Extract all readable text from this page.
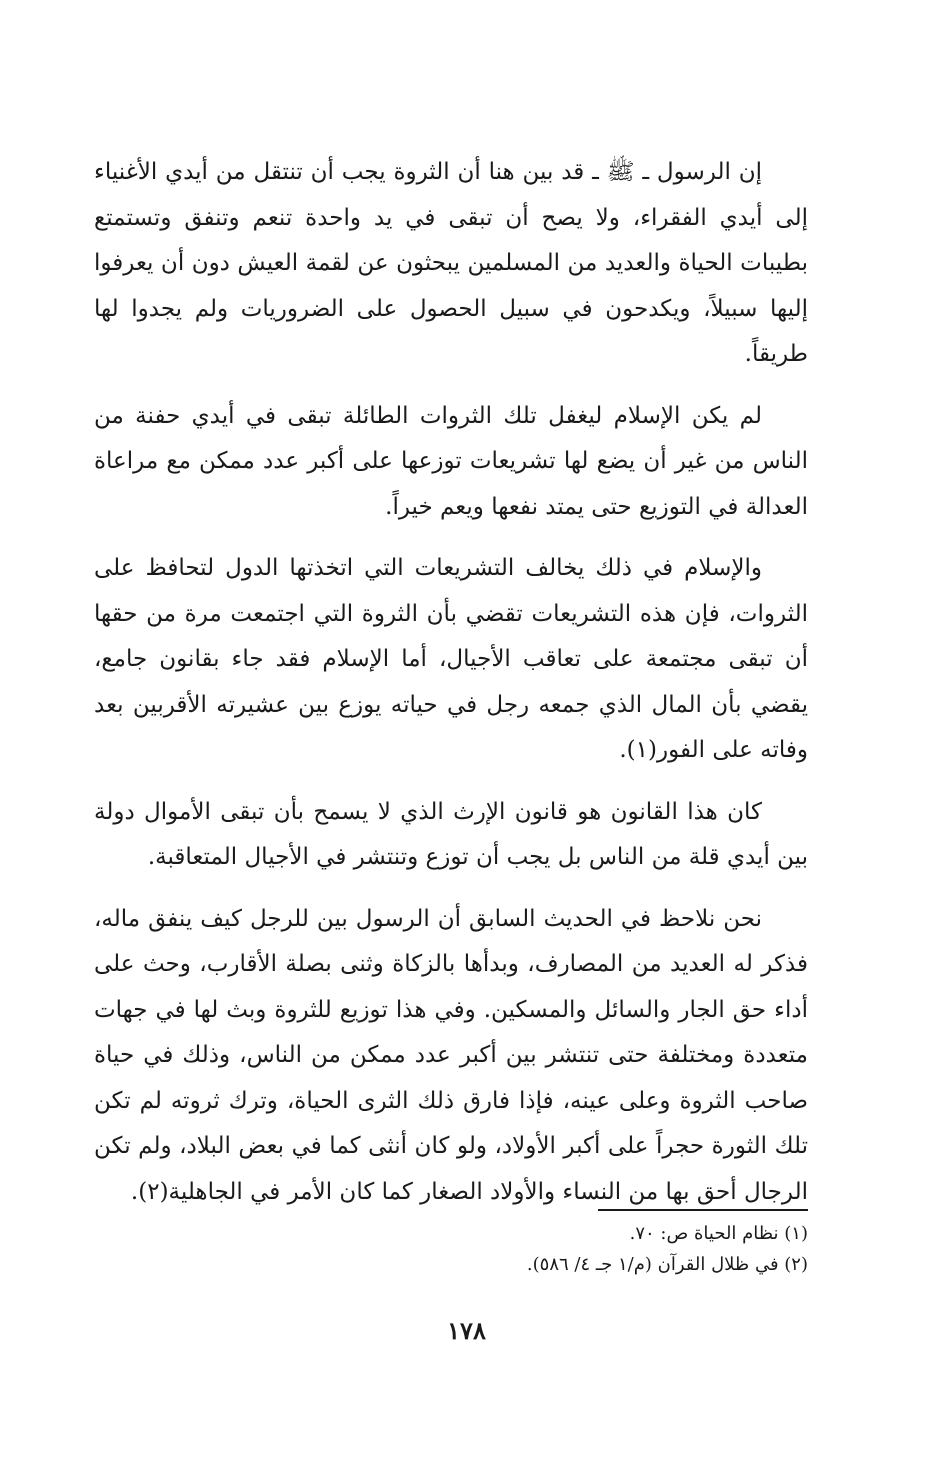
إن الرسول ـ ﷺ ـ قد بين هنا أن الثروة يجب أن تنتقل من أيدي الأغنياء إلى أيدي الفقراء، ولا يصح أن تبقى في يد واحدة تنعم وتنفق وتستمتع بطيبات الحياة والعديد من المسلمين يبحثون عن لقمة العيش دون أن يعرفوا إليها سبيلاً، ويكدحون في سبيل الحصول على الضروريات ولم يجدوا لها طريقاً.

لم يكن الإسلام ليغفل تلك الثروات الطائلة تبقى في أيدي حفنة من الناس من غير أن يضع لها تشريعات توزعها على أكبر عدد ممكن مع مراعاة العدالة في التوزيع حتى يمتد نفعها ويعم خيراً.

والإسلام في ذلك يخالف التشريعات التي اتخذتها الدول لتحافظ على الثروات، فإن هذه التشريعات تقضي بأن الثروة التي اجتمعت مرة من حقها أن تبقى مجتمعة على تعاقب الأجيال، أما الإسلام فقد جاء بقانون جامع، يقضي بأن المال الذي جمعه رجل في حياته يوزع بين عشيرته الأقربين بعد وفاته على الفور(١).

كان هذا القانون هو قانون الإرث الذي لا يسمح بأن تبقى الأموال دولة بين أيدي قلة من الناس بل يجب أن توزع وتنتشر في الأجيال المتعاقبة.

نحن نلاحظ في الحديث السابق أن الرسول بين للرجل كيف ينفق ماله، فذكر له العديد من المصارف، وبدأها بالزكاة وثنى بصلة الأقارب، وحث على أداء حق الجار والسائل والمسكين. وفي هذا توزيع للثروة وبث لها في جهات متعددة ومختلفة حتى تنتشر بين أكبر عدد ممكن من الناس، وذلك في حياة صاحب الثروة وعلى عينه، فإذا فارق ذلك الثرى الحياة، وترك ثروته لم تكن تلك الثورة حجراً على أكبر الأولاد، ولو كان أنثى كما في بعض البلاد، ولم تكن الرجال أحق بها من النساء والأولاد الصغار كما كان الأمر في الجاهلية(٢).

(١) نظام الحياة ص: ٧٠.

(٢) في ظلال القرآن (م/١ جـ ٤/ ٥٨٦).

١٧٨
